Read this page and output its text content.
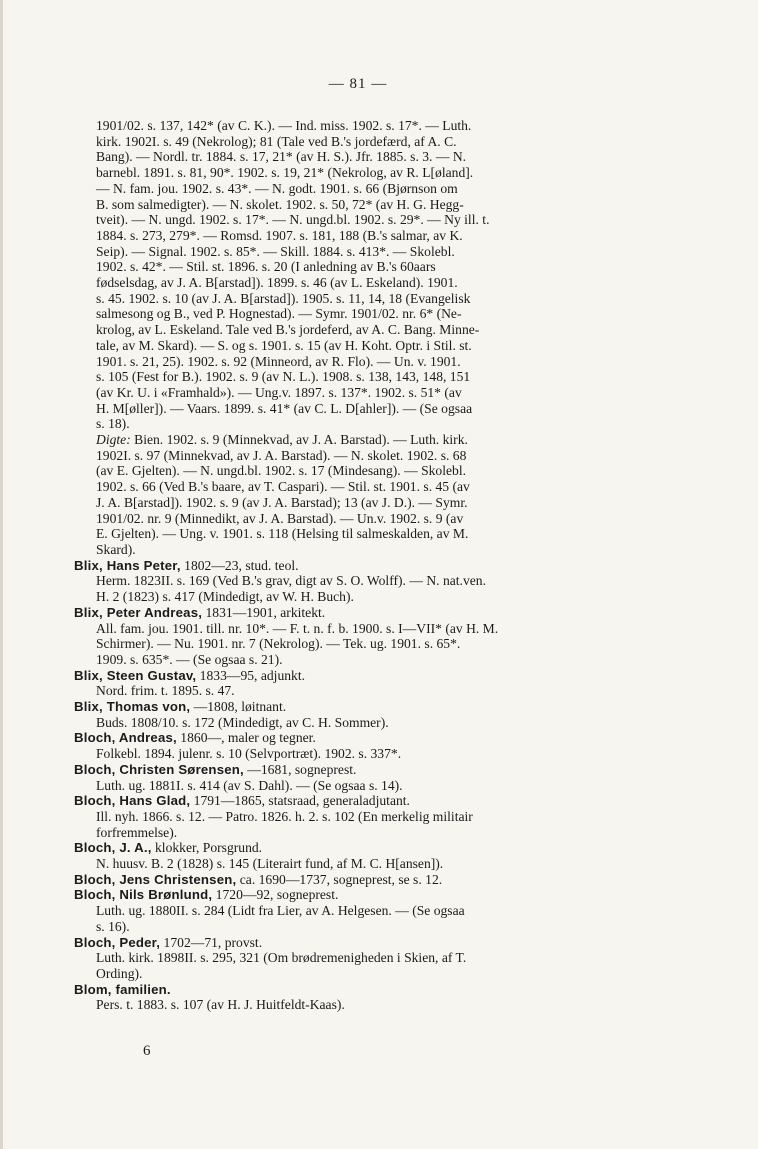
— 81 —
1901/02. s. 137, 142* (av C. K.). — Ind. miss. 1902. s. 17*. — Luth.
kirk. 1902I. s. 49 (Nekrolog); 81 (Tale ved B.'s jordefærd, af A. C.
Bang). — Nordl. tr. 1884. s. 17, 21* (av H. S.). Jfr. 1885. s. 3. — N.
barnebl. 1891. s. 81, 90*. 1902. s. 19, 21* (Nekrolog, av R. L[øland].
— N. fam. jou. 1902. s. 43*. — N. godt. 1901. s. 66 (Bjørnson om
B. som salmedigter). — N. skolet. 1902. s. 50, 72* (av H. G. Hegg-
tveit). — N. ungd. 1902. s. 17*. — N. ungd.bl. 1902. s. 29*. — Ny ill. t.
1884. s. 273, 279*. — Romsd. 1907. s. 181, 188 (B.'s salmar, av K.
Seip). — Signal. 1902. s. 85*. — Skill. 1884. s. 413*. — Skolebl.
1902. s. 42*. — Stil. st. 1896. s. 20 (I anledning av B.'s 60aars
fødselsdag, av J. A. B[arstad]). 1899. s. 46 (av L. Eskeland). 1901.
s. 45. 1902. s. 10 (av J. A. B[arstad]). 1905. s. 11, 14, 18 (Evangelisk
salmesong og B., ved P. Hognestad). — Symr. 1901/02. nr. 6* (Ne-
krolog, av L. Eskeland. Tale ved B.'s jordeferd, av A. C. Bang. Minne-
tale, av M. Skard). — S. og s. 1901. s. 15 (av H. Koht. Optr. i Stil. st.
1901. s. 21, 25). 1902. s. 92 (Minneord, av R. Flo). — Un. v. 1901.
s. 105 (Fest for B.). 1902. s. 9 (av N. L.). 1908. s. 138, 143, 148, 151
(av Kr. U. i «Framhald»). — Ung.v. 1897. s. 137*. 1902. s. 51* (av
H. M[øller]). — Vaars. 1899. s. 41* (av C. L. D[ahler]). — (Se ogsaa
s. 18).
Digte: Bien. 1902. s. 9 (Minnekvad, av J. A. Barstad). — Luth. kirk.
1902I. s. 97 (Minnekvad, av J. A. Barstad). — N. skolet. 1902. s. 68
(av E. Gjelten). — N. ungd.bl. 1902. s. 17 (Mindesang). — Skolebl.
1902. s. 66 (Ved B.'s baare, av T. Caspari). — Stil. st. 1901. s. 45 (av
J. A. B[arstad]). 1902. s. 9 (av J. A. Barstad); 13 (av J. D.). — Symr.
1901/02. nr. 9 (Minnedikt, av J. A. Barstad). — Un.v. 1902. s. 9 (av
E. Gjelten). — Ung. v. 1901. s. 118 (Helsing til salmeskalden, av M.
Skard).
Blix, Hans Peter, 1802—23, stud. teol.
Herm. 1823II. s. 169 (Ved B.'s grav, digt av S. O. Wolff). — N. nat.ven.
H. 2 (1823) s. 417 (Mindedigt, av W. H. Buch).
Blix, Peter Andreas, 1831—1901, arkitekt.
All. fam. jou. 1901. till. nr. 10*. — F. t. n. f. b. 1900. s. I—VII* (av H. M.
Schirmer). — Nu. 1901. nr. 7 (Nekrolog). — Tek. ug. 1901. s. 65*.
1909. s. 635*. — (Se ogsaa s. 21).
Blix, Steen Gustav, 1833—95, adjunkt.
Nord. frim. t. 1895. s. 47.
Blix, Thomas von, —1808, løitnant.
Buds. 1808/10. s. 172 (Mindedigt, av C. H. Sommer).
Bloch, Andreas, 1860—, maler og tegner.
Folkebl. 1894. julenr. s. 10 (Selvportræt). 1902. s. 337*.
Bloch, Christen Sørensen, —1681, sogneprest.
Luth. ug. 1881I. s. 414 (av S. Dahl). — (Se ogsaa s. 14).
Bloch, Hans Glad, 1791—1865, statsraad, generaladjutant.
Ill. nyh. 1866. s. 12. — Patro. 1826. h. 2. s. 102 (En merkelig militair
forfremmelse).
Bloch, J. A., klokker, Porsgrund.
N. huusv. B. 2 (1828) s. 145 (Literairt fund, af M. C. H[ansen]).
Bloch, Jens Christensen, ca. 1690—1737, sogneprest, se s. 12.
Bloch, Nils Brønlund, 1720—92, sogneprest.
Luth. ug. 1880II. s. 284 (Lidt fra Lier, av A. Helgesen. — (Se ogsaa
s. 16).
Bloch, Peder, 1702—71, provst.
Luth. kirk. 1898II. s. 295, 321 (Om brødremenigheden i Skien, af T.
Ording).
Blom, familien.
Pers. t. 1883. s. 107 (av H. J. Huitfeldt-Kaas).
6
